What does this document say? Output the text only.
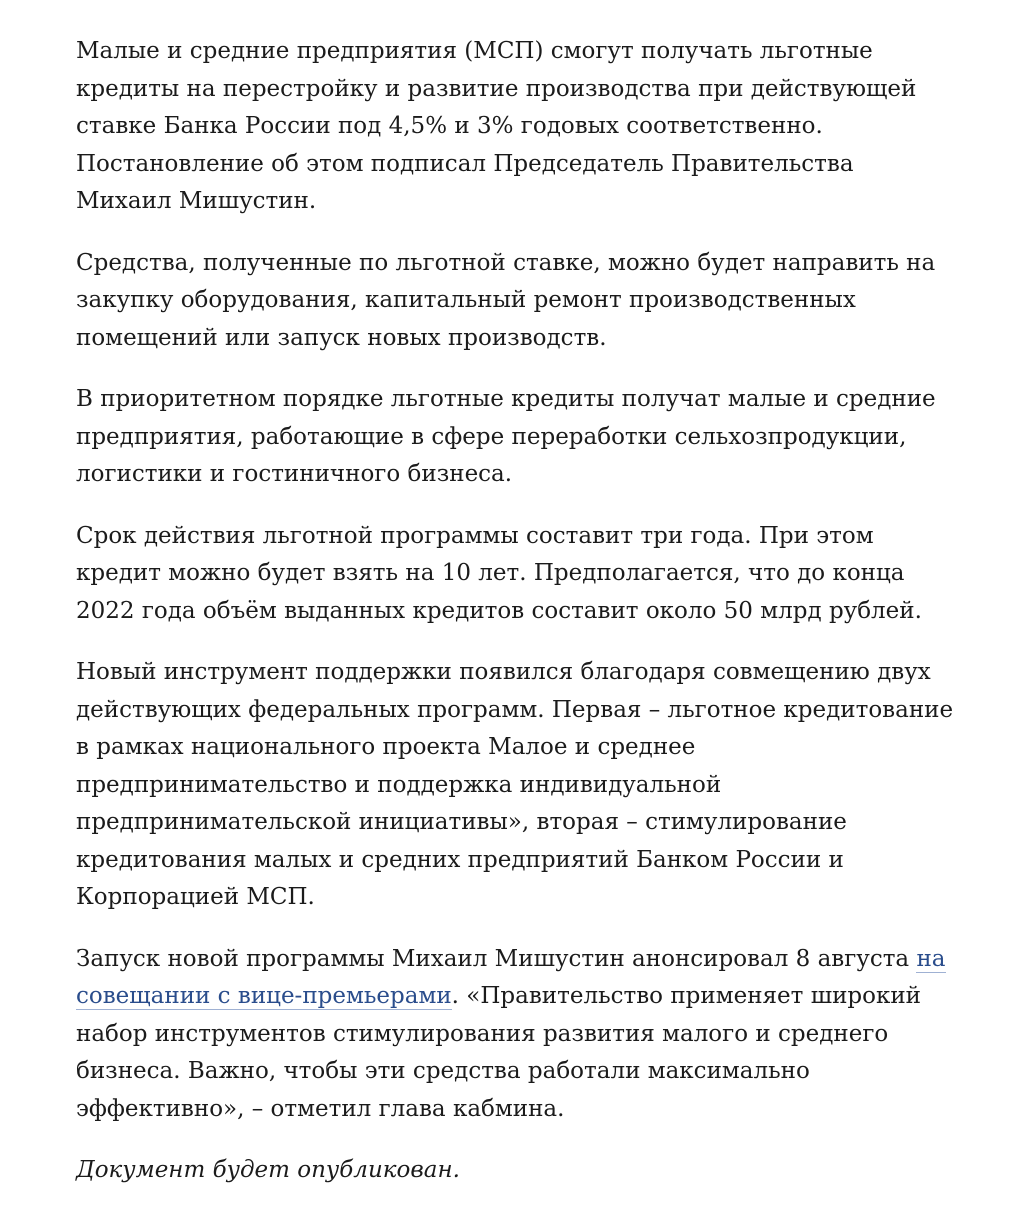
Малые и средние предприятия (МСП) смогут получать льготные кредиты на перестройку и развитие производства при действующей ставке Банка России под 4,5% и 3% годовых соответственно. Постановление об этом подписал Председатель Правительства Михаил Мишустин.

Средства, полученные по льготной ставке, можно будет направить на закупку оборудования, капитальный ремонт производственных помещений или запуск новых производств.

В приоритетном порядке льготные кредиты получат малые и средние предприятия, работающие в сфере переработки сельхозпродукции, логистики и гостиничного бизнеса.

Срок действия льготной программы составит три года. При этом кредит можно будет взять на 10 лет. Предполагается, что до конца 2022 года объём выданных кредитов составит около 50 млрд рублей.

Новый инструмент поддержки появился благодаря совмещению двух действующих федеральных программ. Первая – льготное кредитование в рамках национального проекта Малое и среднее предпринимательство и поддержка индивидуальной предпринимательской инициативы», вторая – стимулирование кредитования малых и средних предприятий Банком России и Корпорацией МСП.

Запуск новой программы Михаил Мишустин анонсировал 8 августа на совещании с вице-премьерами. «Правительство применяет широкий набор инструментов стимулирования развития малого и среднего бизнеса. Важно, чтобы эти средства работали максимально эффективно», – отметил глава кабмина.

Документ будет опубликован.
